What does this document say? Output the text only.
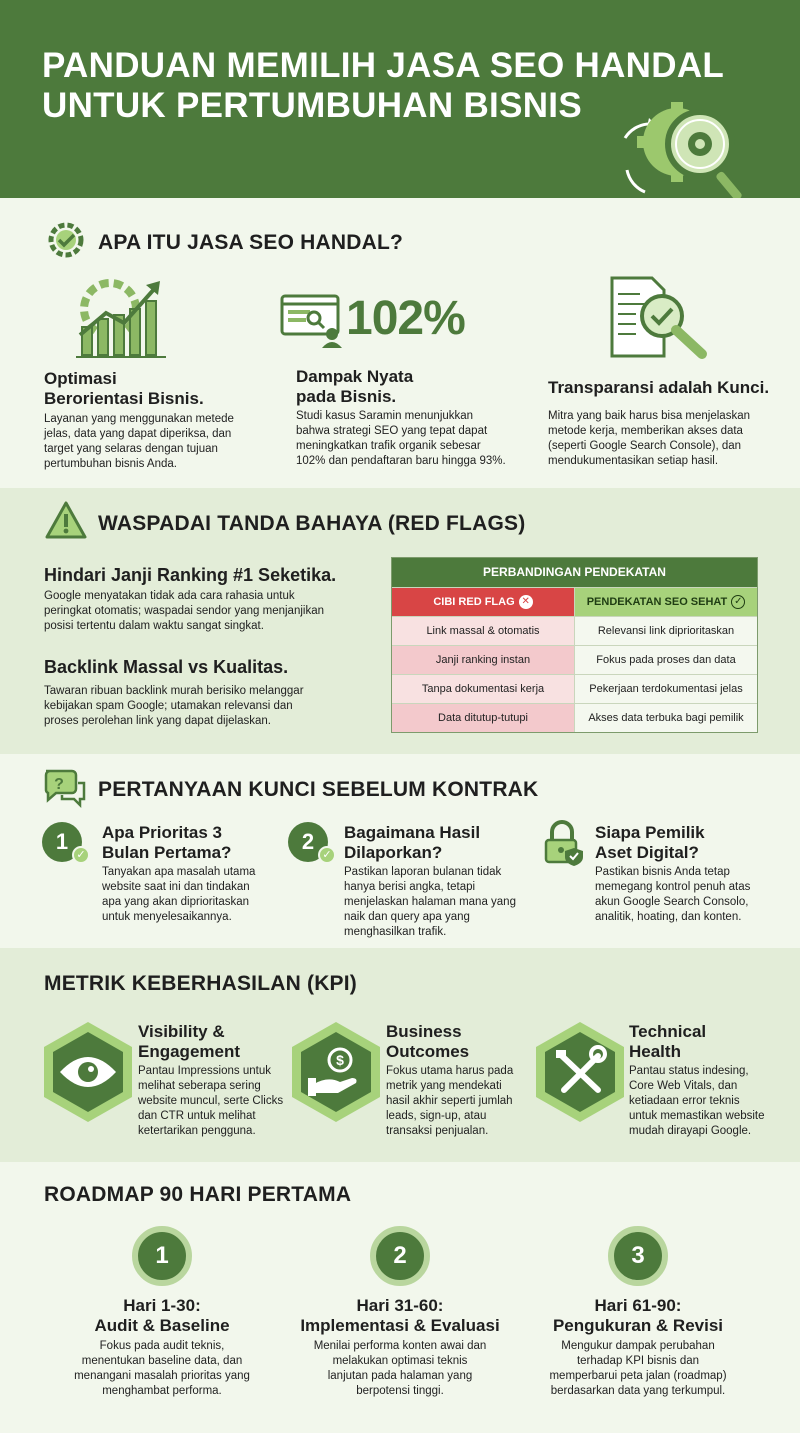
PANDUAN MEMILIH JASA SEO HANDAL
UNTUK PERTUMBUHAN BISNIS
APA ITU JASA SEO HANDAL?
Optimasi
Berorientasi Bisnis.
Layanan yang menggunakan metede
jelas, data yang dapat diperiksa, dan
target yang selaras dengan tujuan
pertumbuhan bisnis Anda.
102%
Dampak Nyata
pada Bisnis.
Studi kasus Saramin menunjukkan
bahwa strategi SEO yang tepat dapat
meningkatkan trafik organik sebesar
102% dan pendaftaran baru hingga 93%.
Transparansi adalah Kunci.
Mitra yang baik harus bisa menjelaskan
metode kerja, memberikan akses data
(seperti Google Search Console), dan
mendukumentasikan setiap hasil.
WASPADAI TANDA BAHAYA (RED FLAGS)
Hindari Janji Ranking #1 Seketika.
Google menyatakan tidak ada cara rahasia untuk
peringkat otomatis; waspadai sendor yang menjanjikan
posisi tertentu dalam waktu sangat singkat.
Backlink Massal vs Kualitas.
Tawaran ribuan backlink murah berisiko melanggar
kebijakan spam Google; utamakan relevansi dan
proses perolehan link yang dapat dijelaskan.
PERBANDINGAN PENDEKATAN
CIBI RED FLAG ✕	PENDEKATAN SEO SEHAT ✓
Link massal & otomatis	Relevansi link diprioritaskan
Janji ranking instan	Fokus pada proses dan data
Tanpa dokumentasi kerja	Pekerjaan terdokumentasi jelas
Data ditutup-tutupi	Akses data terbuka bagi pemilik
? PERTANYAAN KUNCI SEBELUM KONTRAK
1
✓
Apa Prioritas 3
Bulan Pertama?
Tanyakan apa masalah utama
website saat ini dan tindakan
apa yang akan diprioritaskan
untuk menyelesaikannya.
2
✓
Bagaimana Hasil
Dilaporkan?
Pastikan laporan bulanan tidak
hanya berisi angka, tetapi
menjelaskan halaman mana yang
naik dan query apa yang
menghasilkan trafik.
Siapa Pemilik
Aset Digital?
Pastikan bisnis Anda tetap
memegang kontrol penuh atas
akun Google Search Consolo,
analitik, hoating, dan konten.
METRIK KEBERHASILAN (KPI)
Visibility &
Engagement
Pantau Impressions untuk
melihat seberapa sering
website muncul, serte Clicks
dan CTR untuk melihat
ketertarikan pengguna.
$
Business
Outcomes
Fokus utama harus pada
metrik yang mendekati
hasil akhir seperti jumlah
leads, sign-up, atau
transaksi penjualan.
Technical
Health
Pantau status indesing,
Core Web Vitals, dan
ketiadaan error teknis
untuk memastikan website
mudah dirayapi Google.
ROADMAP 90 HARI PERTAMA
1
Hari 1-30:
Audit & Baseline
Fokus pada audit teknis,
menentukan baseline data, dan
menangani masalah prioritas yang
menghambat performa.
2
Hari 31-60:
Implementasi & Evaluasi
Menilai performa konten awai dan
melakukan optimasi teknis
lanjutan pada halaman yang
berpotensi tinggi.
3
Hari 61-90:
Pengukuran & Revisi
Mengukur dampak perubahan
terhadap KPI bisnis dan
memperbarui peta jalan (roadmap)
berdasarkan data yang terkumpul.
